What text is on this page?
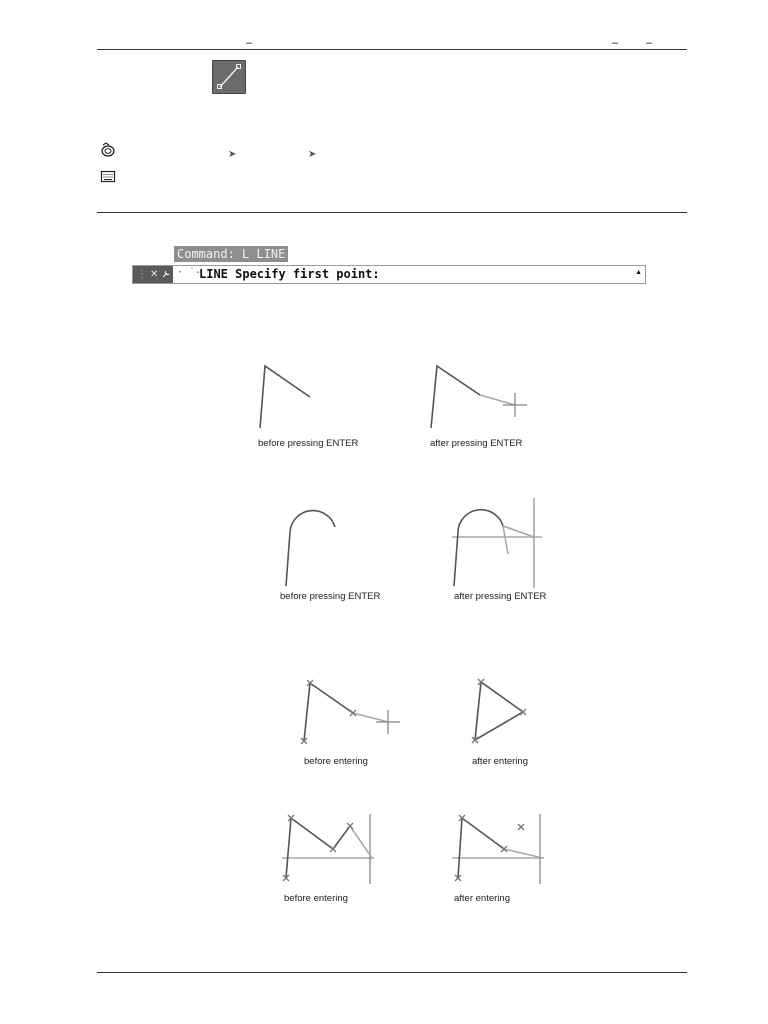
–	–	–
➤	➤
Command: L LINE
⋮ ✕ · ˙-
LINE Specify first point:	▲
before pressing ENTER	after pressing ENTER
before pressing ENTER	after pressing ENTER
before entering	after entering
before entering	after entering
